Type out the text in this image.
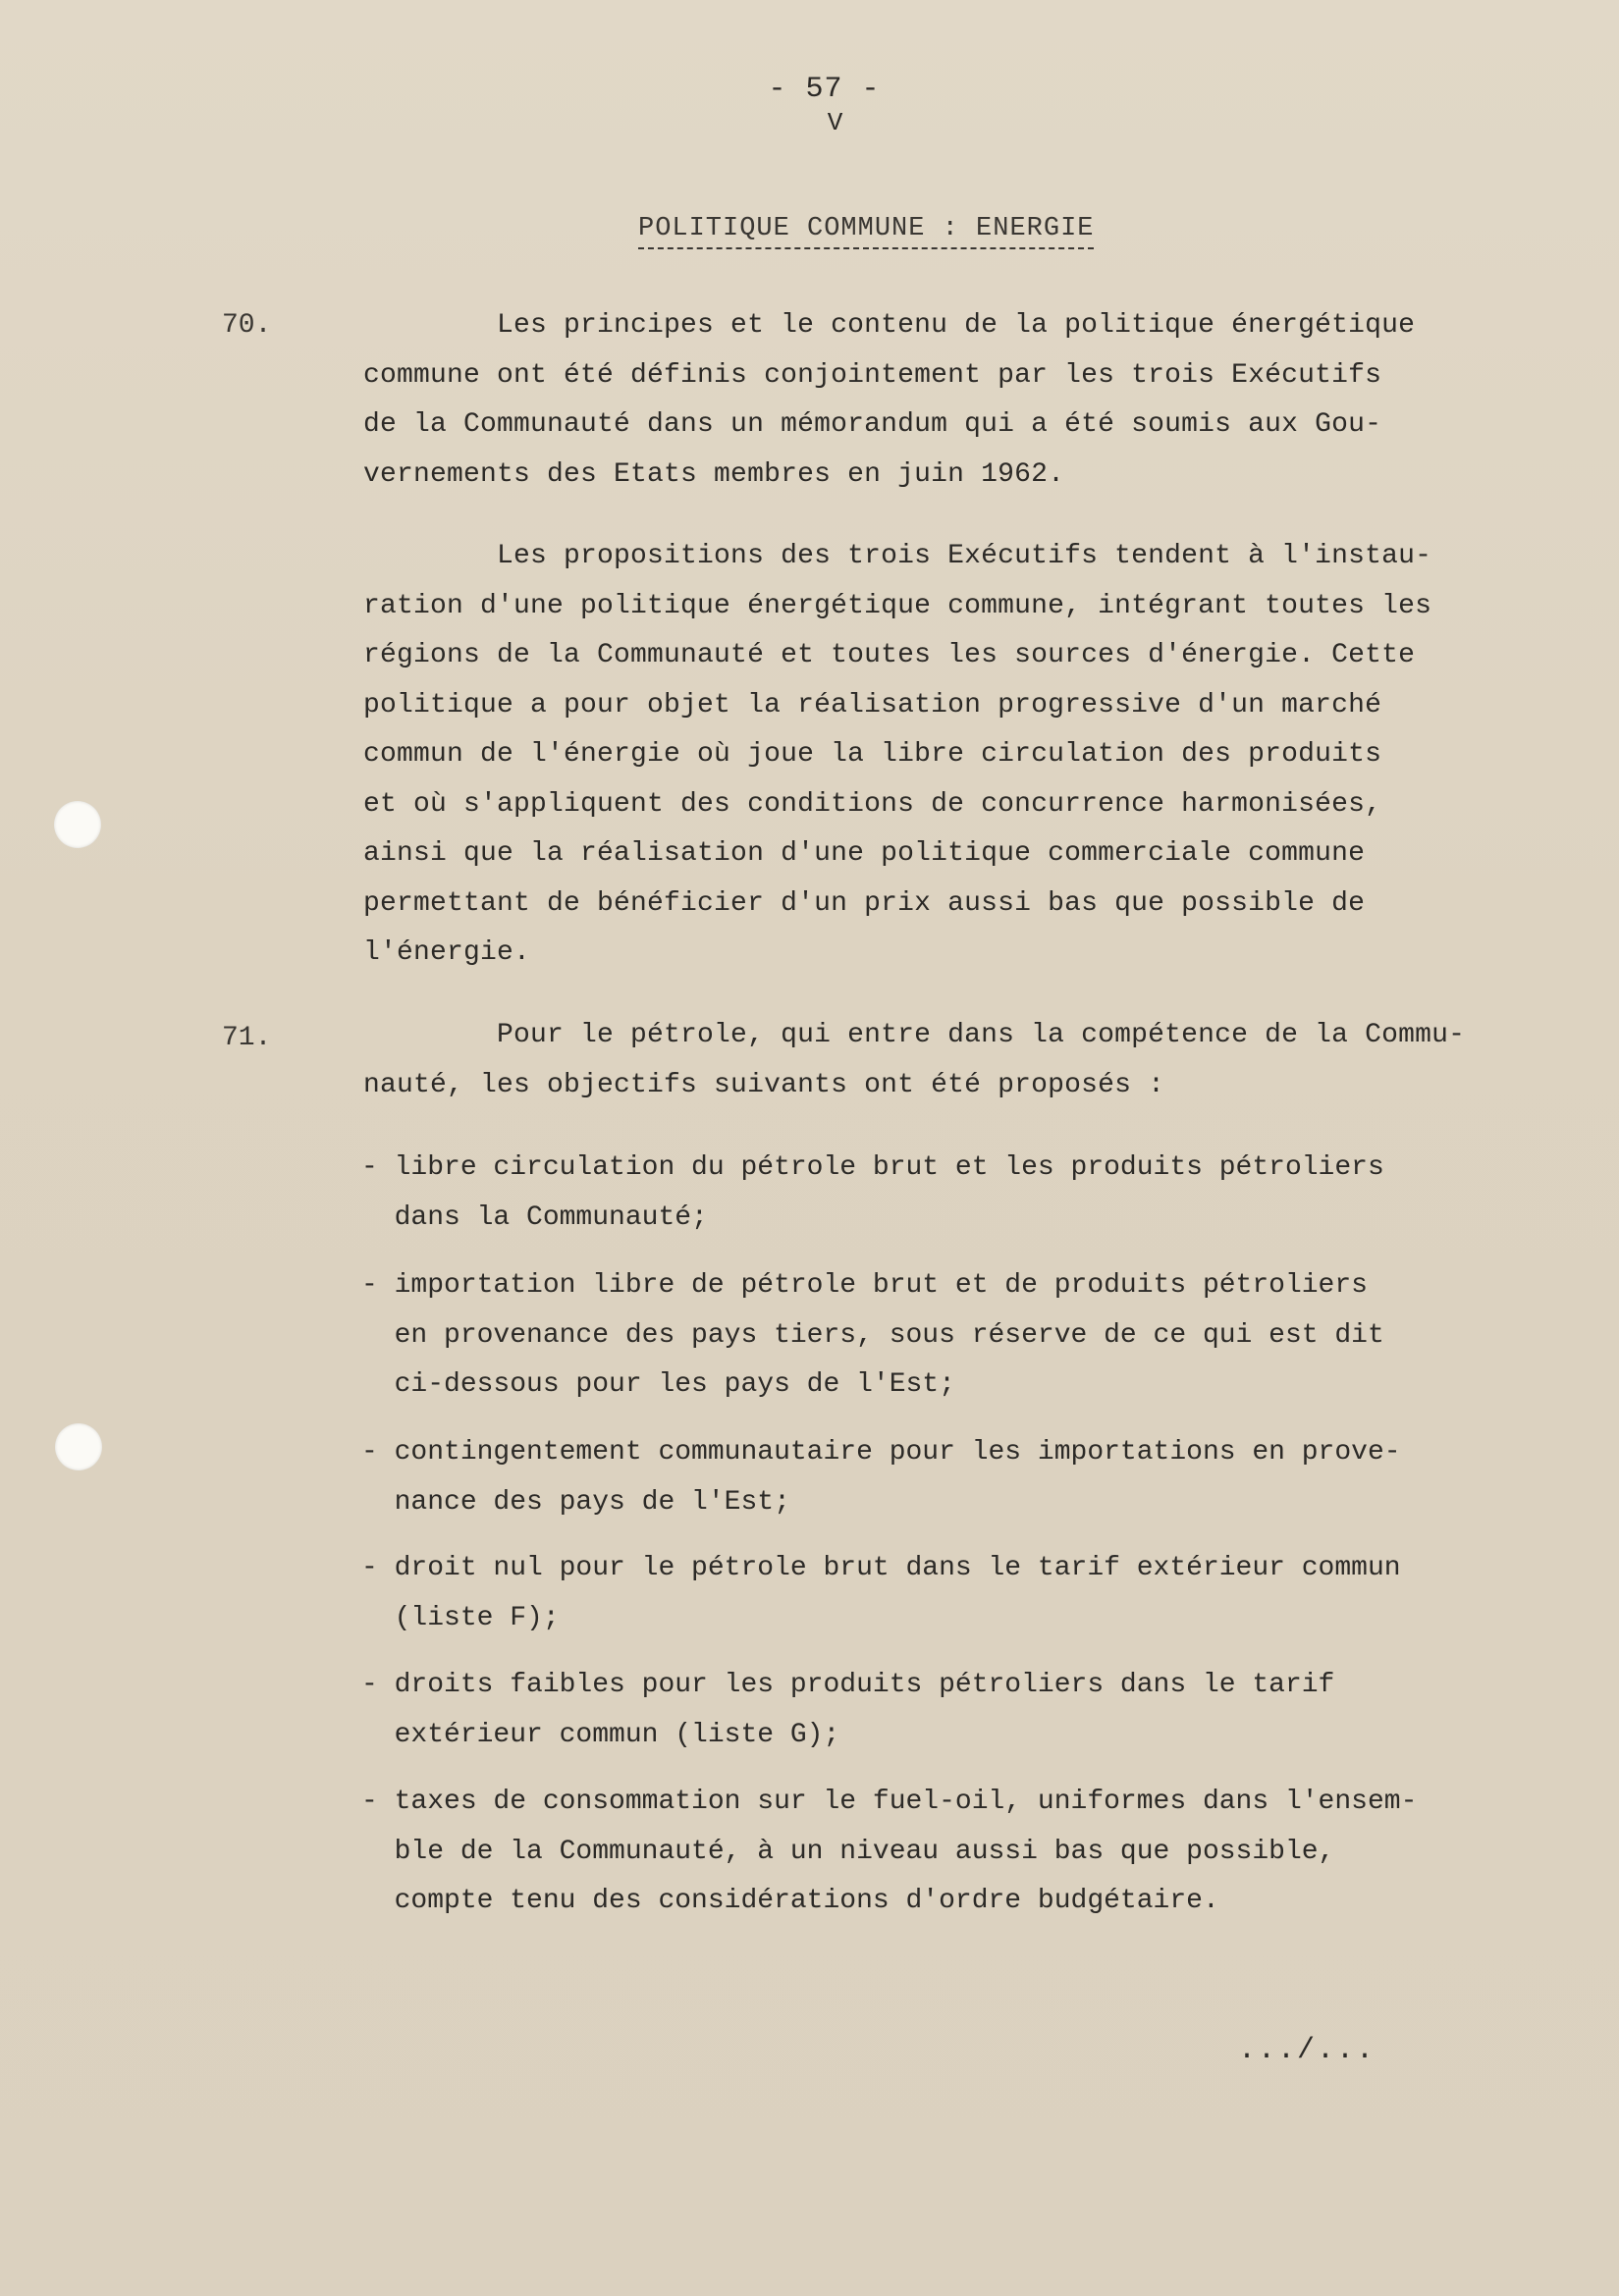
- 57 -
V
POLITIQUE COMMUNE : ENERGIE
70.	Les principes et le contenu de la politique énergétique
commune ont été définis conjointement par les trois Exécutifs
de la Communauté dans un mémorandum qui a été soumis aux Gou-
vernements des Etats membres en juin 1962.
Les propositions des trois Exécutifs tendent à l'instau-
ration d'une politique énergétique commune, intégrant toutes les
régions de la Communauté et toutes les sources d'énergie. Cette
politique a pour objet la réalisation progressive d'un marché
commun de l'énergie où joue la libre circulation des produits
et où s'appliquent des conditions de concurrence harmonisées,
ainsi que la réalisation d'une politique commerciale commune
permettant de bénéficier d'un prix aussi bas que possible de
l'énergie.
71.	Pour le pétrole, qui entre dans la compétence de la Commu-
nauté, les objectifs suivants ont été proposés :
- libre circulation du pétrole brut et les produits pétroliers
dans la Communauté;
- importation libre de pétrole brut et de produits pétroliers
en provenance des pays tiers, sous réserve de ce qui est dit
ci-dessous pour les pays de l'Est;
- contingentement communautaire pour les importations en prove-
nance des pays de l'Est;
- droit nul pour le pétrole brut dans le tarif extérieur commun
(liste F);
- droits faibles pour les produits pétroliers dans le tarif
extérieur commun (liste G);
- taxes de consommation sur le fuel-oil, uniformes dans l'ensem-
ble de la Communauté, à un niveau aussi bas que possible,
compte tenu des considérations d'ordre budgétaire.
.../...
